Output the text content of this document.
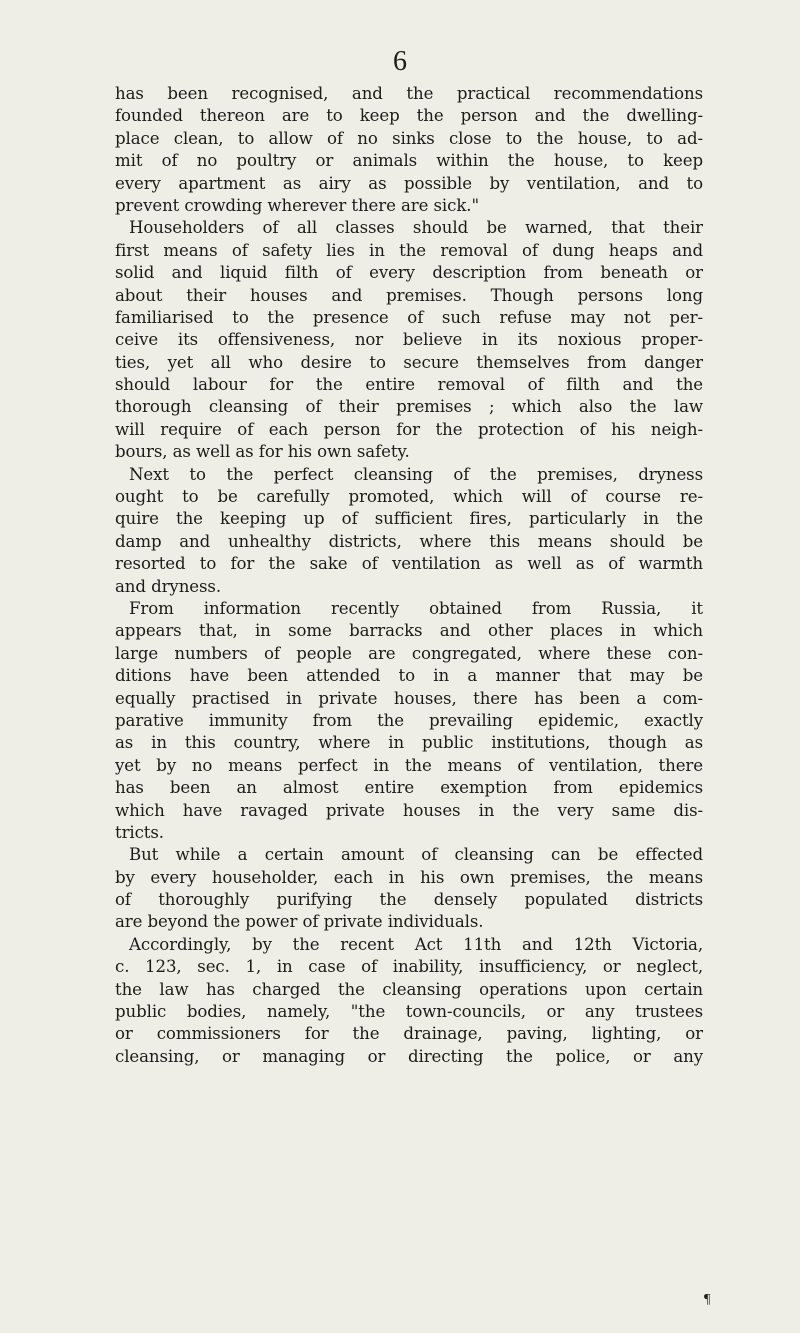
6
has been recognised, and the practical recommendations
founded thereon are to keep the person and the dwelling-
place clean, to allow of no sinks close to the house, to ad-
mit of no poultry or animals within the house, to keep
every apartment as airy as possible by ventilation, and to
prevent crowding wherever there are sick."
Householders of all classes should be warned, that their
first means of safety lies in the removal of dung heaps and
solid and liquid filth of every description from beneath or
about their houses and premises. Though persons long
familiarised to the presence of such refuse may not per-
ceive its offensiveness, nor believe in its noxious proper-
ties, yet all who desire to secure themselves from danger
should labour for the entire removal of filth and the
thorough cleansing of their premises ; which also the law
will require of each person for the protection of his neigh-
bours, as well as for his own safety.
Next to the perfect cleansing of the premises, dryness
ought to be carefully promoted, which will of course re-
quire the keeping up of sufficient fires, particularly in the
damp and unhealthy districts, where this means should be
resorted to for the sake of ventilation as well as of warmth
and dryness.
From information recently obtained from Russia, it
appears that, in some barracks and other places in which
large numbers of people are congregated, where these con-
ditions have been attended to in a manner that may be
equally practised in private houses, there has been a com-
parative immunity from the prevailing epidemic, exactly
as in this country, where in public institutions, though as
yet by no means perfect in the means of ventilation, there
has been an almost entire exemption from epidemics
which have ravaged private houses in the very same dis-
tricts.
But while a certain amount of cleansing can be effected
by every householder, each in his own premises, the means
of thoroughly purifying the densely populated districts
are beyond the power of private individuals.
Accordingly, by the recent Act 11th and 12th Victoria,
c. 123, sec. 1, in case of inability, insufficiency, or neglect,
the law has charged the cleansing operations upon certain
public bodies, namely, "the town-councils, or any trustees
or commissioners for the drainage, paving, lighting, or
cleansing, or managing or directing the police, or any
¶
